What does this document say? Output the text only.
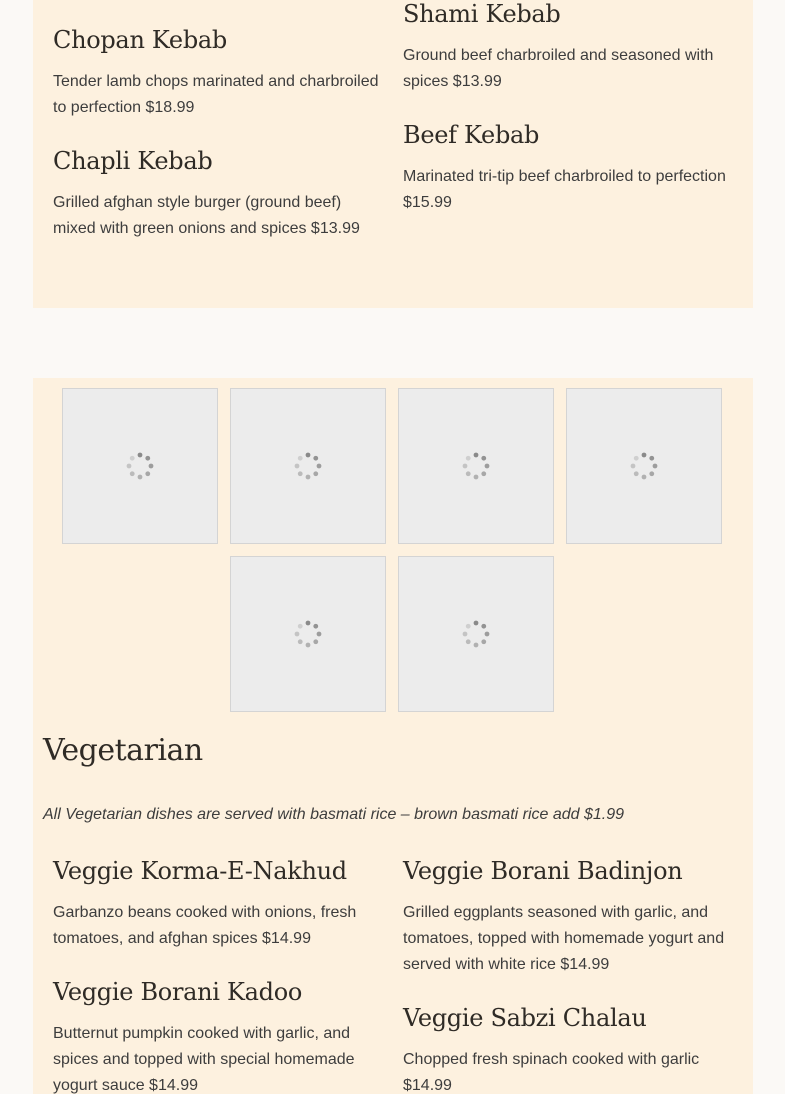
Chopan Kebab

Tender lamb chops marinated and charbroiled to perfection $18.99

Chapli Kebab

Grilled afghan style burger (ground beef) mixed with green onions and spices $13.99

Shami Kebab

Ground beef charbroiled and seasoned with spices $13.99

Beef Kebab

Marinated tri-tip beef charbroiled to perfection $15.99

Vegetarian

All Vegetarian dishes are served with basmati rice – brown basmati rice add $1.99

Veggie Korma-E-Nakhud

Garbanzo beans cooked with onions, fresh tomatoes, and afghan spices $14.99

Veggie Borani Kadoo

Butternut pumpkin cooked with garlic, and spices and topped with special homemade yogurt sauce $14.99

Veggie Borani Badinjon

Grilled eggplants seasoned with garlic, and tomatoes, topped with homemade yogurt and served with white rice $14.99

Veggie Sabzi Chalau

Chopped fresh spinach cooked with garlic $14.99
